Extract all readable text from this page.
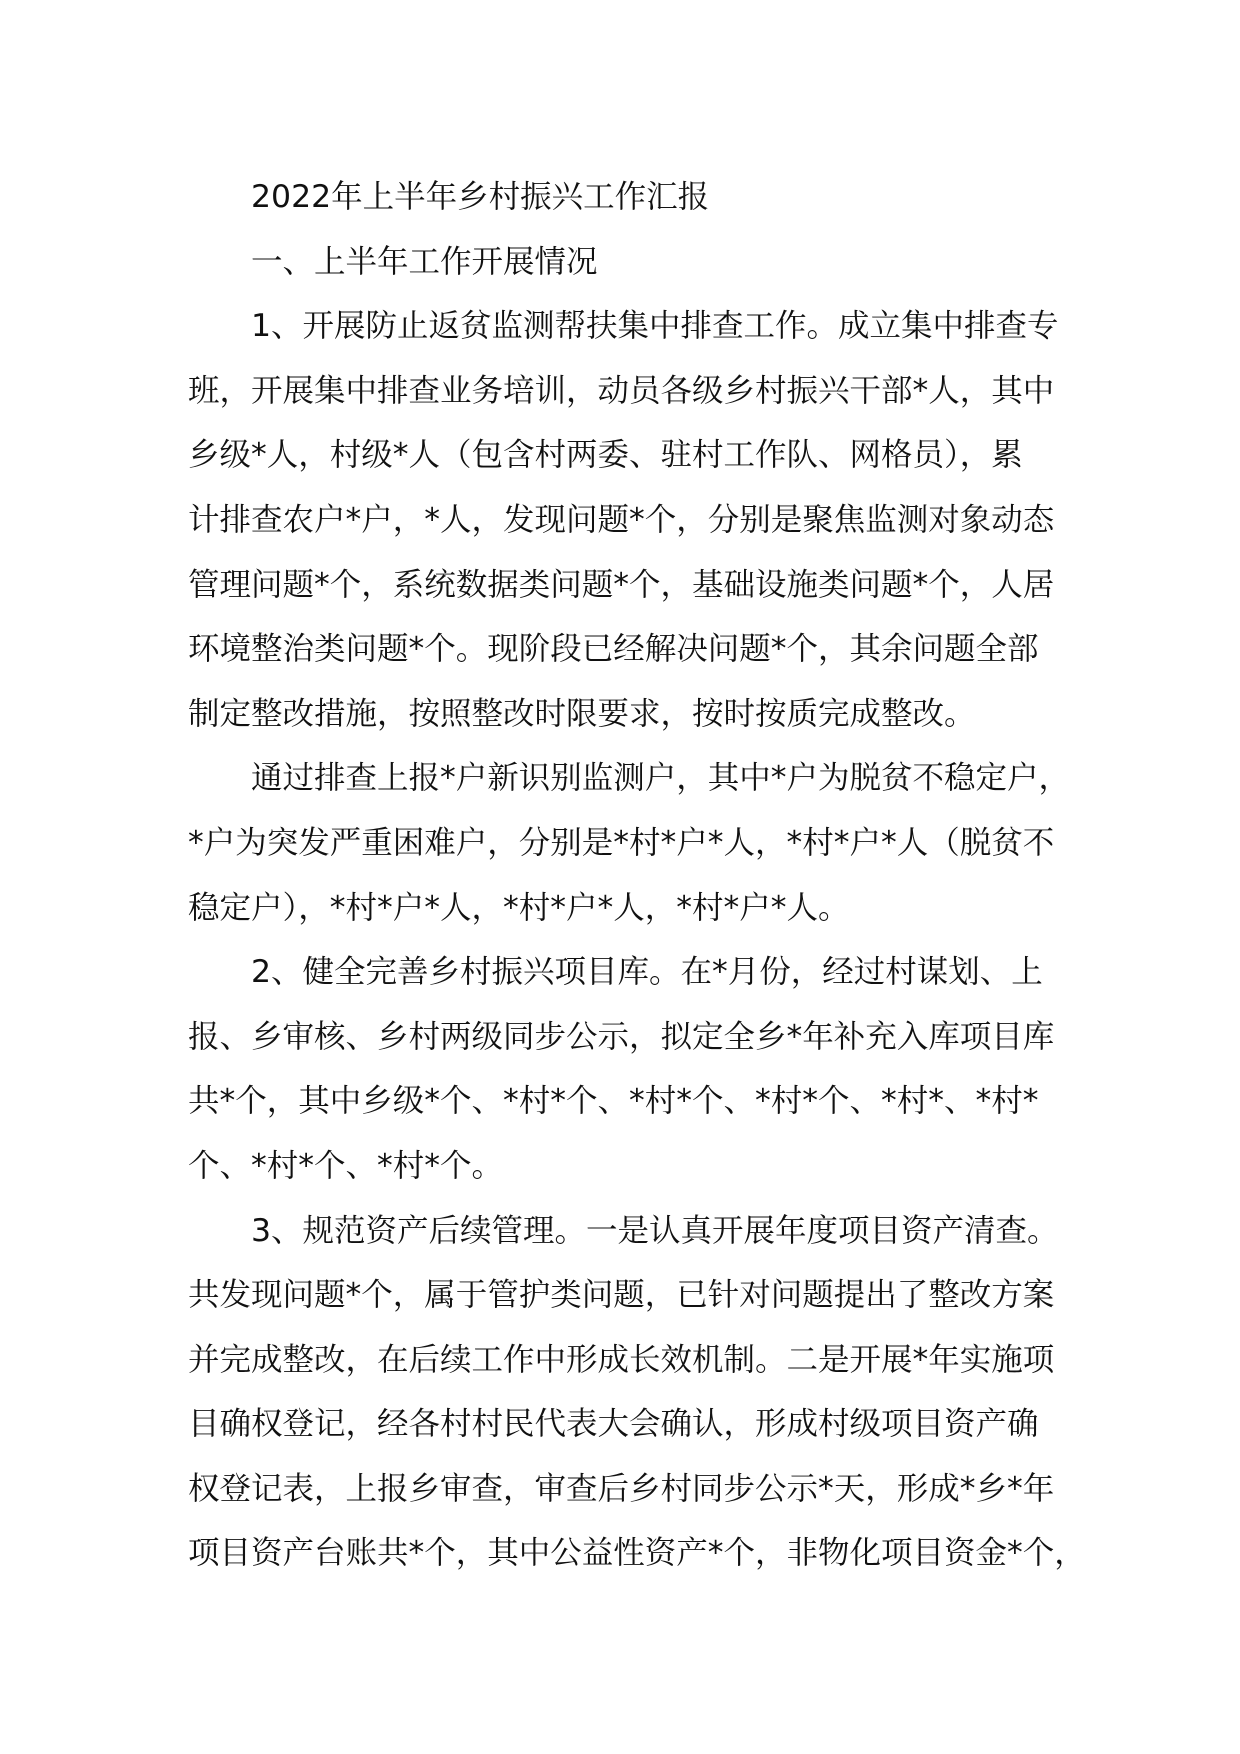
2022年上半年乡村振兴工作汇报
一、上半年工作开展情况
1、开展防止返贫监测帮扶集中排查工作。成立集中排查专
班，开展集中排查业务培训，动员各级乡村振兴干部*人，其中
乡级*人，村级*人（包含村两委、驻村工作队、网格员），累
计排查农户*户，*人，发现问题*个，分别是聚焦监测对象动态
管理问题*个，系统数据类问题*个，基础设施类问题*个，人居
环境整治类问题*个。现阶段已经解决问题*个，其余问题全部
制定整改措施，按照整改时限要求，按时按质完成整改。
通过排查上报*户新识别监测户，其中*户为脱贫不稳定户，
*户为突发严重困难户，分别是*村*户*人，*村*户*人（脱贫不
稳定户），*村*户*人，*村*户*人，*村*户*人。
2、健全完善乡村振兴项目库。在*月份，经过村谋划、上
报、乡审核、乡村两级同步公示，拟定全乡*年补充入库项目库
共*个，其中乡级*个、*村*个、*村*个、*村*个、*村*、*村*
个、*村*个、*村*个。
3、规范资产后续管理。一是认真开展年度项目资产清查。
共发现问题*个，属于管护类问题，已针对问题提出了整改方案
并完成整改，在后续工作中形成长效机制。二是开展*年实施项
目确权登记，经各村村民代表大会确认，形成村级项目资产确
权登记表，上报乡审查，审查后乡村同步公示*天，形成*乡*年
项目资产台账共*个，其中公益性资产*个，非物化项目资金*个，
